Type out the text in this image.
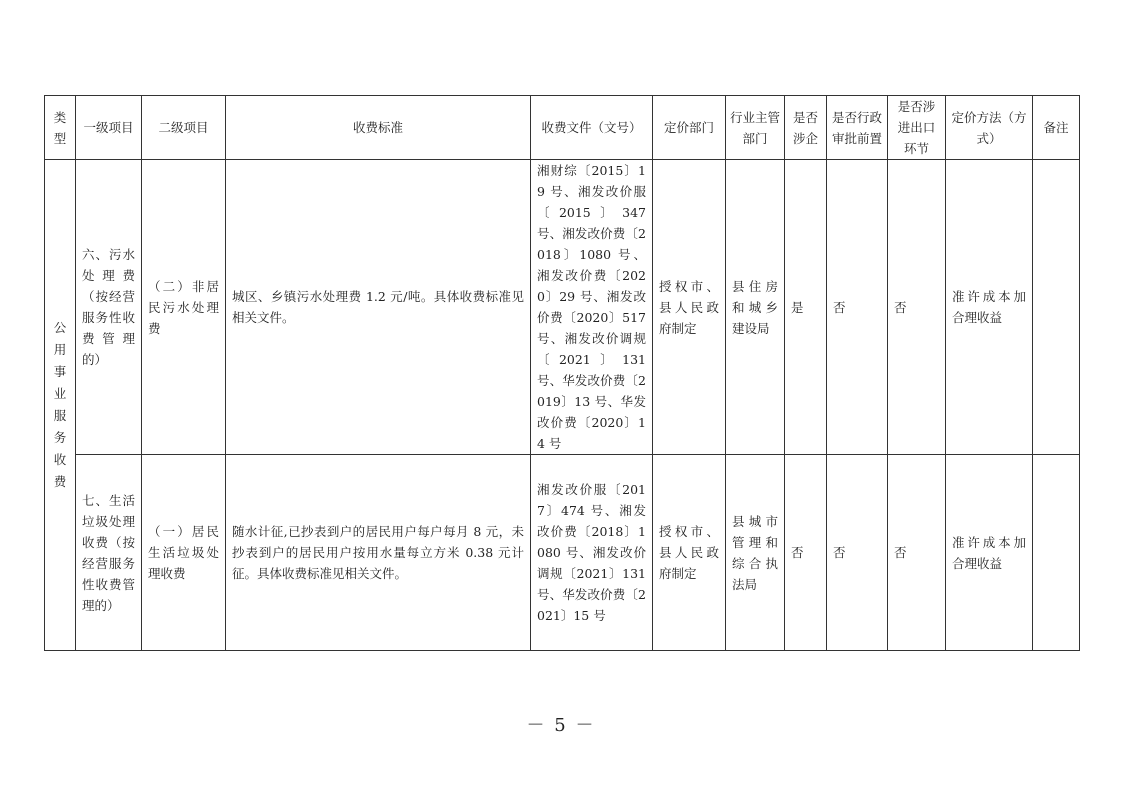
类型	一级项目	二级项目	收费标准	收费文件（文号）	定价部门	行业主管部门	是否涉企	是否行政审批前置	是否涉进出口环节	定价方法（方式）	备注
公用事业服务收费	六、污水处理费（按经营服务性收费管理的）	（二）非居民污水处理费	城区、乡镇污水处理费 1.2 元/吨。具体收费标准见相关文件。	湘财综〔2015〕19 号、湘发改价服〔2015〕347 号、湘发改价费〔2018〕1080 号、湘发改价费〔2020〕29 号、湘发改价费〔2020〕517 号、湘发改价调规〔2021〕131 号、华发改价费〔2019〕13 号、华发改价费〔2020〕14 号	授权市、县人民政府制定	县住房和城乡建设局	是	否	否	准许成本加合理收益	
	七、生活垃圾处理收费（按经营服务性收费管理的）	（一）居民生活垃圾处理收费	随水计征,已抄表到户的居民用户每户每月 8 元，未抄表到户的居民用户按用水量每立方米 0.38 元计征。具体收费标准见相关文件。	湘发改价服〔2017〕474 号、湘发改价费〔2018〕1080 号、湘发改价调规〔2021〕131 号、华发改价费〔2021〕15 号	授权市、县人民政府制定	县城市管理和综合执法局	否	否	否	准许成本加合理收益	
－ 5 －
